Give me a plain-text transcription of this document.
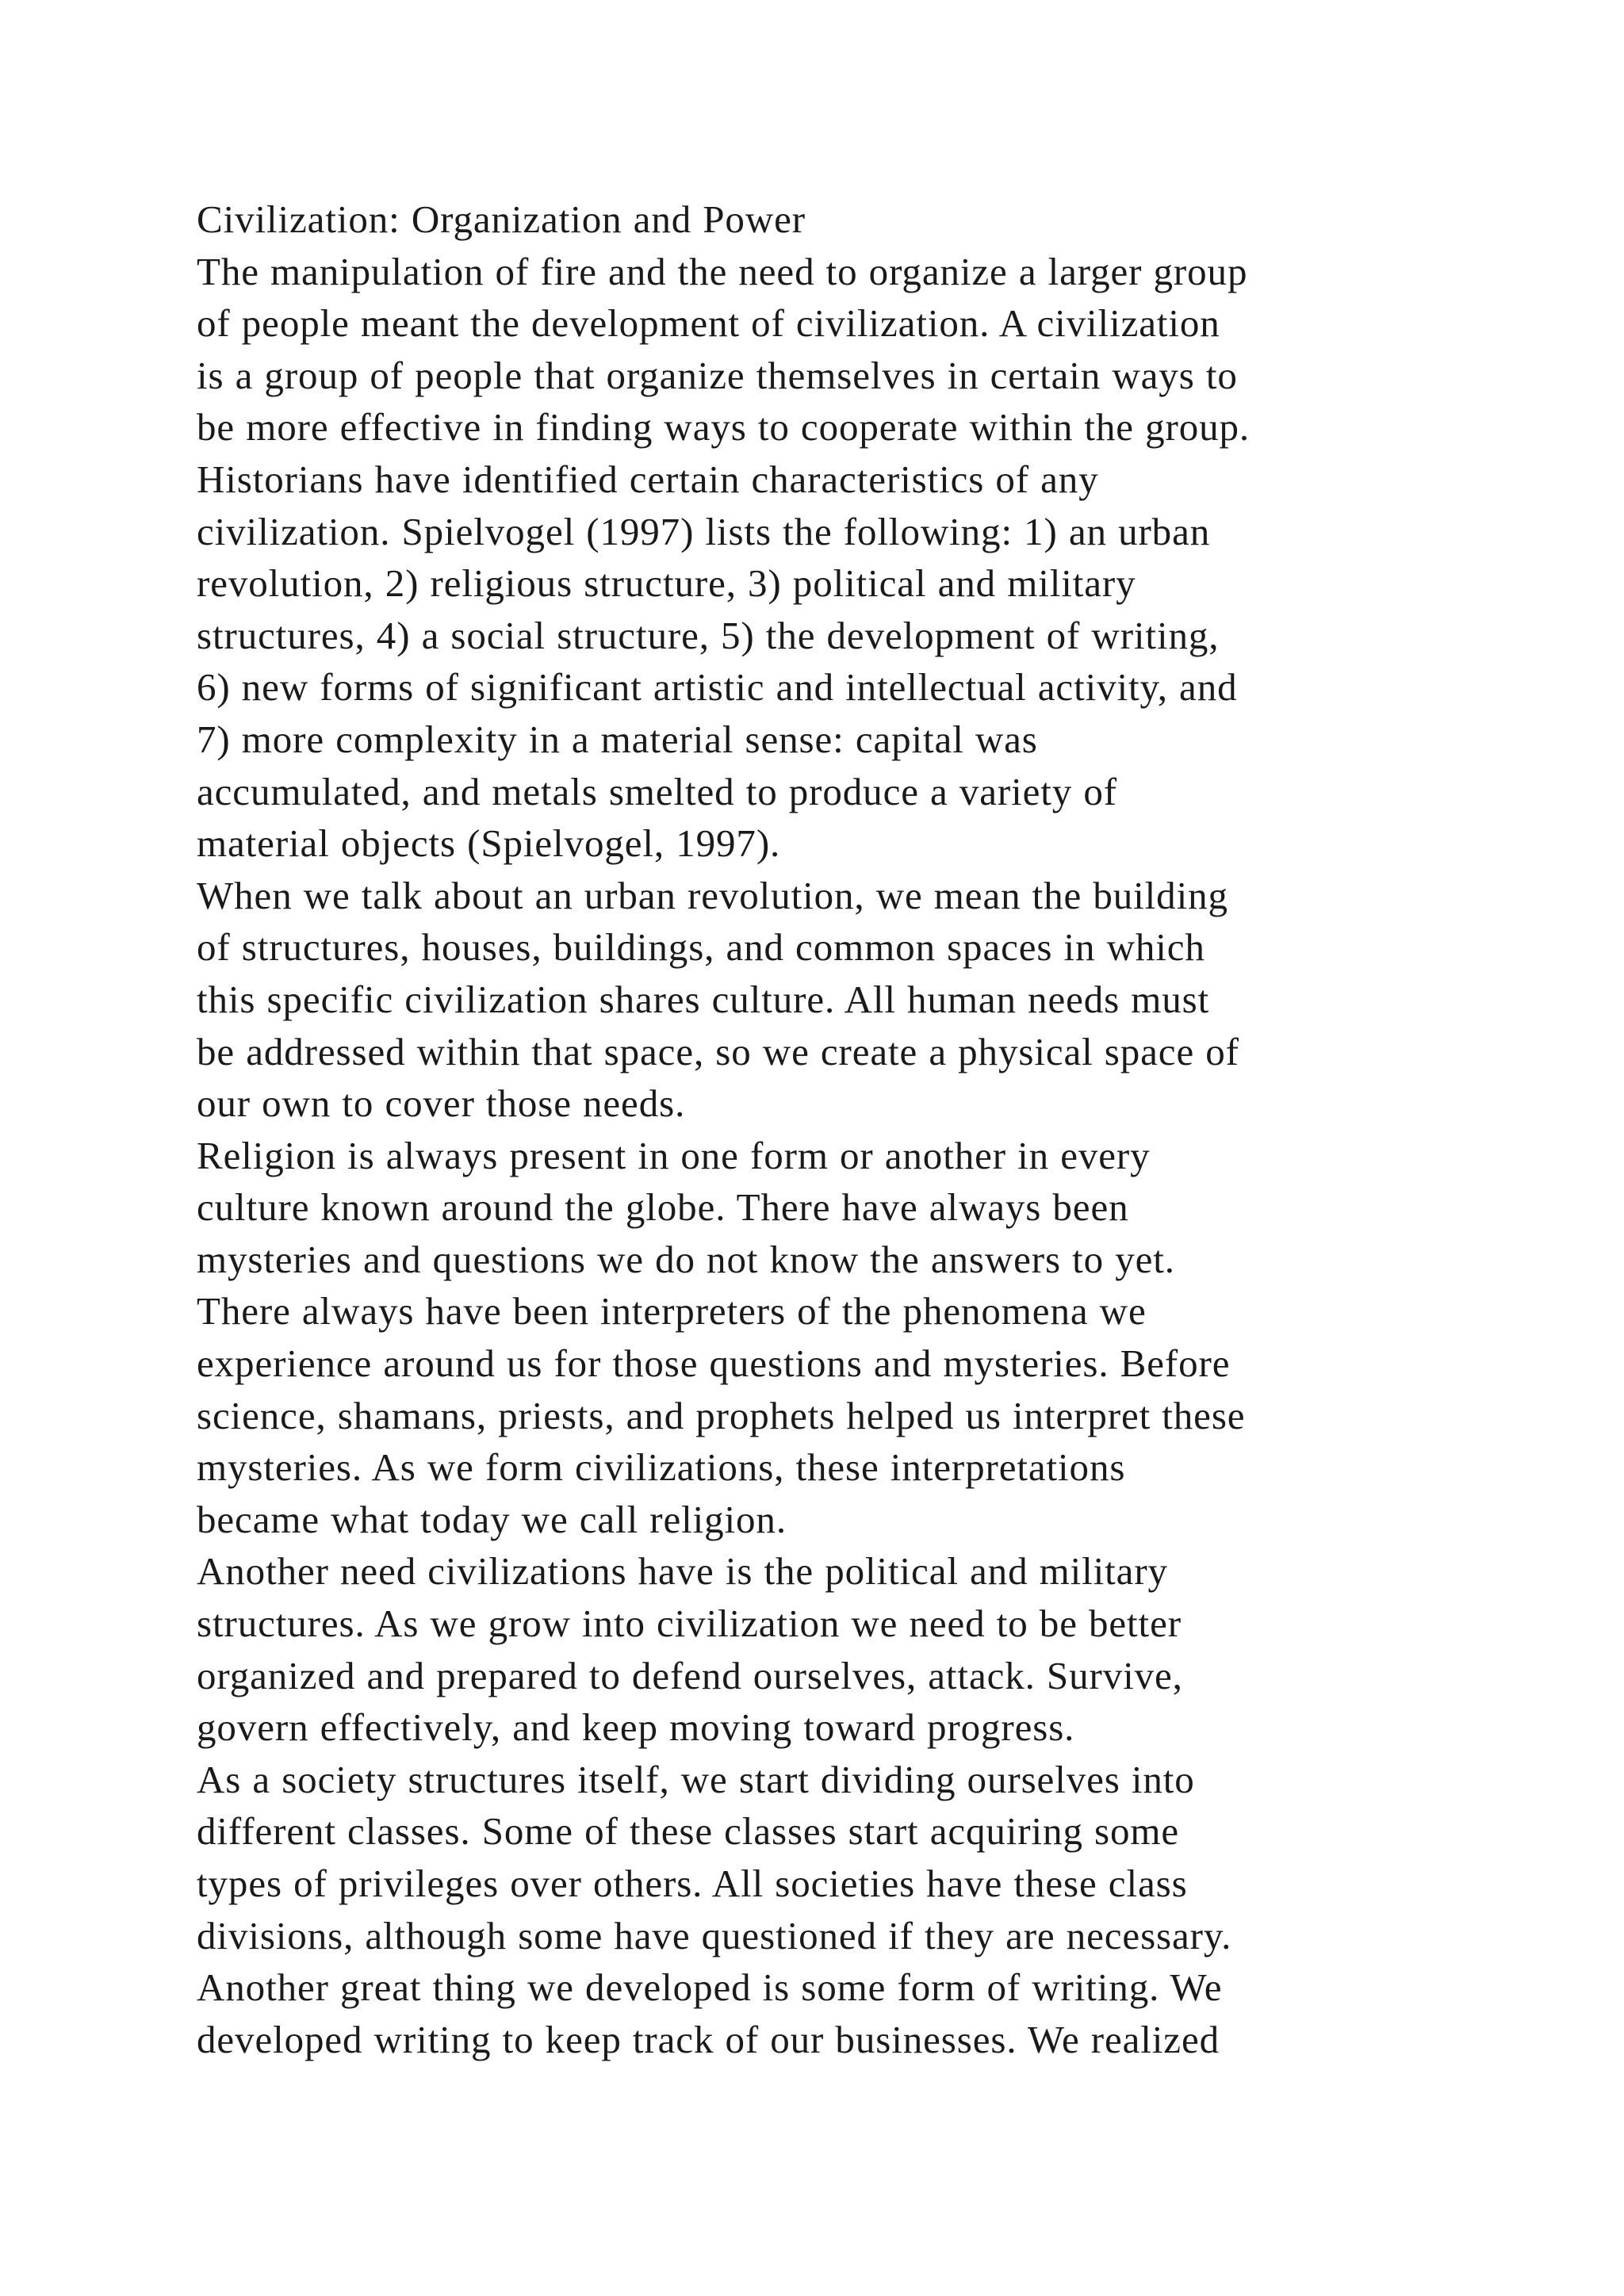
Civilization: Organization and Power
The manipulation of fire and the need to organize a larger group
of people meant the development of civilization. A civilization
is a group of people that organize themselves in certain ways to
be more effective in finding ways to cooperate within the group.
Historians have identified certain characteristics of any
civilization. Spielvogel (1997) lists the following: 1) an urban
revolution, 2) religious structure, 3) political and military
structures, 4) a social structure, 5) the development of writing,
6) new forms of significant artistic and intellectual activity, and
7) more complexity in a material sense: capital was
accumulated, and metals smelted to produce a variety of
material objects (Spielvogel, 1997).
When we talk about an urban revolution, we mean the building
of structures, houses, buildings, and common spaces in which
this specific civilization shares culture. All human needs must
be addressed within that space, so we create a physical space of
our own to cover those needs.
Religion is always present in one form or another in every
culture known around the globe. There have always been
mysteries and questions we do not know the answers to yet.
There always have been interpreters of the phenomena we
experience around us for those questions and mysteries. Before
science, shamans, priests, and prophets helped us interpret these
mysteries. As we form civilizations, these interpretations
became what today we call religion.
Another need civilizations have is the political and military
structures. As we grow into civilization we need to be better
organized and prepared to defend ourselves, attack. Survive,
govern effectively, and keep moving toward progress.
As a society structures itself, we start dividing ourselves into
different classes. Some of these classes start acquiring some
types of privileges over others. All societies have these class
divisions, although some have questioned if they are necessary.
Another great thing we developed is some form of writing. We
developed writing to keep track of our businesses. We realized
